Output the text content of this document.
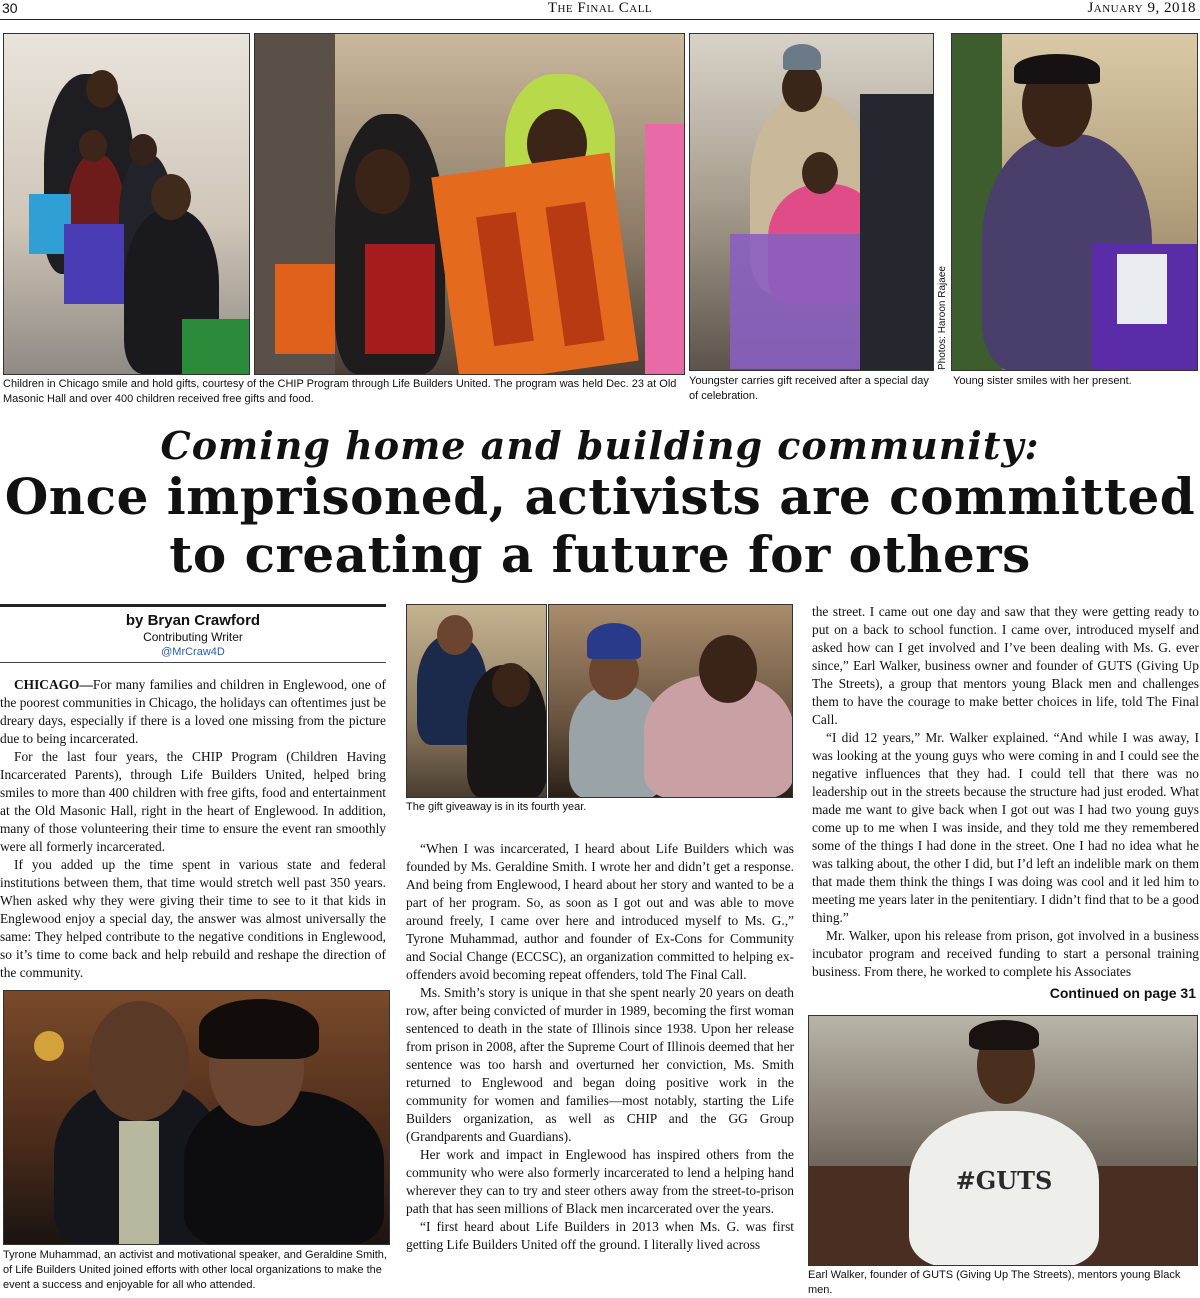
30	The Final Call	January 9, 2018
Photos: Haroon Rajaee
Children in Chicago smile and hold gifts, courtesy of the CHIP Program through Life Builders United. The program was held Dec. 23 at Old Masonic Hall and over 400 children received free gifts and food.
Youngster carries gift received after a special day of celebration.
Young sister smiles with her present.
Coming home and building community:
Once imprisoned, activists are committed
to creating a future for others
by Bryan Crawford
Contributing Writer
@MrCraw4D

CHICAGO—For many families and children in Englewood, one of the poorest communities in Chicago, the holidays can oftentimes just be dreary days, especially if there is a loved one missing from the picture due to being incarcerated.

For the last four years, the CHIP Program (Children Having Incarcerated Parents), through Life Builders United, helped bring smiles to more than 400 children with free gifts, food and entertainment at the Old Masonic Hall, right in the heart of Englewood. In addition, many of those volunteering their time to ensure the event ran smoothly were all formerly incarcerated.

If you added up the time spent in various state and federal institutions between them, that time would stretch well past 350 years. When asked why they were giving their time to see to it that kids in Englewood enjoy a special day, the answer was almost universally the same: They helped contribute to the negative conditions in Englewood, so it’s time to come back and help rebuild and reshape the direction of the community.

Tyrone Muhammad, an activist and motivational speaker, and Geraldine Smith, of Life Builders United joined efforts with other local organizations to make the event a success and enjoyable for all who attended.
The gift giveaway is in its fourth year.

“When I was incarcerated, I heard about Life Builders which was founded by Ms. Geraldine Smith. I wrote her and didn’t get a response. And being from Englewood, I heard about her story and wanted to be a part of her program. So, as soon as I got out and was able to move around freely, I came over here and introduced myself to Ms. G.,” Tyrone Muhammad, author and founder of Ex-Cons for Community and Social Change (ECCSC), an organization committed to helping ex-offenders avoid becoming repeat offenders, told The Final Call.

Ms. Smith’s story is unique in that she spent nearly 20 years on death row, after being convicted of murder in 1989, becoming the first woman sentenced to death in the state of Illinois since 1938. Upon her release from prison in 2008, after the Supreme Court of Illinois deemed that her sentence was too harsh and overturned her conviction, Ms. Smith returned to Englewood and began doing positive work in the community for women and families—most notably, starting the Life Builders organization, as well as CHIP and the GG Group (Grandparents and Guardians).

Her work and impact in Englewood has inspired others from the community who were also formerly incarcerated to lend a helping hand wherever they can to try and steer others away from the street-to-prison path that has seen millions of Black men incarcerated over the years.

“I first heard about Life Builders in 2013 when Ms. G. was first getting Life Builders United off the ground. I literally lived across

the street. I came out one day and saw that they were getting ready to put on a back to school function. I came over, introduced myself and asked how can I get involved and I’ve been dealing with Ms. G. ever since,” Earl Walker, business owner and founder of GUTS (Giving Up The Streets), a group that mentors young Black men and challenges them to have the courage to make better choices in life, told The Final Call.

“I did 12 years,” Mr. Walker explained. “And while I was away, I was looking at the young guys who were coming in and I could see the negative influences that they had. I could tell that there was no leadership out in the streets because the structure had just eroded. What made me want to give back when I got out was I had two young guys come up to me when I was inside, and they told me they remembered some of the things I had done in the street. One I had no idea what he was talking about, the other I did, but I’d left an indelible mark on them that made them think the things I was doing was cool and it led him to meeting me years later in the penitentiary. I didn’t find that to be a good thing.”

Mr. Walker, upon his release from prison, got involved in a business incubator program and received funding to start a personal training business. From there, he worked to complete his Associates

Continued on page 31
#GUTS
Earl Walker, founder of GUTS (Giving Up The Streets), mentors young Black men.
